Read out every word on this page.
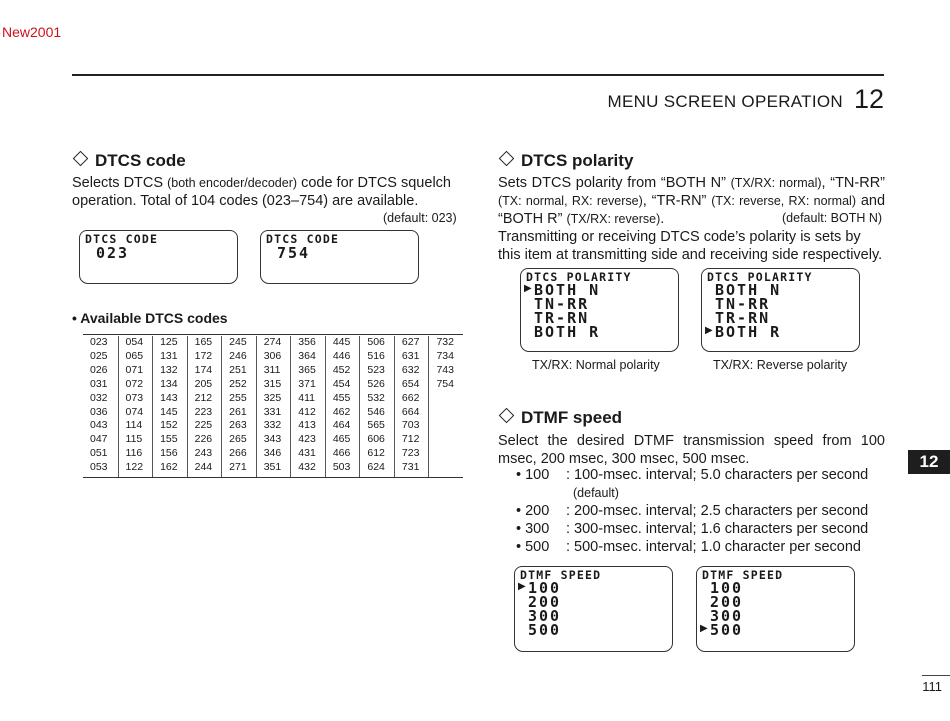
New2001
MENU SCREEN OPERATION 12
DTCS code

Selects DTCS (both encoder/decoder) code for DTCS squelch operation. Total of 104 codes (023–754) are available.

(default: 023)
DTCS CODE
023
DTCS CODE
754
• Available DTCS codes
023
025
026
031
032
036
043
047
051
053
054
065
071
072
073
074
114
115
116
122
125
131
132
134
143
145
152
155
156
162
165
172
174
205
212
223
225
226
243
244
245
246
251
252
255
261
263
265
266
271
274
306
311
315
325
331
332
343
346
351
356
364
365
371
411
412
413
423
431
432
445
446
452
454
455
462
464
465
466
503
506
516
523
526
532
546
565
606
612
624
627
631
632
654
662
664
703
712
723
731
732
734
743
754
DTCS polarity

Sets DTCS polarity from “BOTH N” (TX/RX: normal), “TN-RR” (TX: normal, RX: reverse), “TR-RN” (TX: reverse, RX: normal) and “BOTH R” (TX/RX: reverse).	(default: BOTH N)

Transmitting or receiving DTCS code’s polarity is sets by this item at transmitting side and receiving side respectively.

DTCS POLARITY
▶ BOTH N
TN-RR
TR-RN
BOTH R
DTCS POLARITY
BOTH N
TN-RR
TR-RN
▶ BOTH R
TX/RX: Normal polarity	TX/RX: Reverse polarity
DTMF speed

Select the desired DTMF transmission speed from 100 msec, 200 msec, 300 msec, 500 msec.

• 100 : 100-msec. interval; 5.0 characters per second
(default)
• 200 : 200-msec. interval; 2.5 characters per second
• 300 : 300-msec. interval; 1.6 characters per second
• 500 : 500-msec. interval; 1.0 character per second
DTMF SPEED
▶ 100
200
300
500
DTMF SPEED
100
200
300
▶ 500
12
111
